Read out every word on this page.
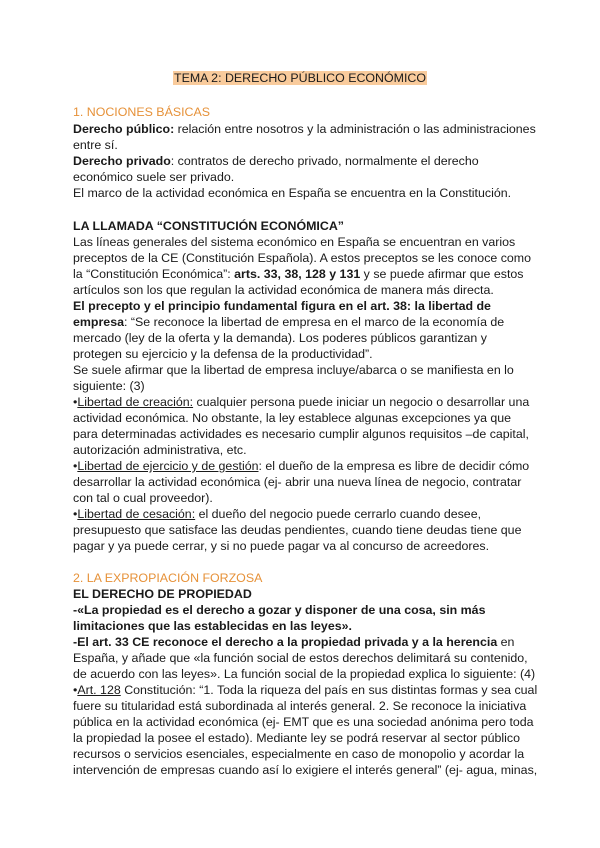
TEMA 2: DERECHO PÚBLICO ECONÓMICO
1. NOCIONES BÁSICAS
Derecho público: relación entre nosotros y la administración o las administraciones
entre sí.
Derecho privado: contratos de derecho privado, normalmente el derecho
económico suele ser privado.
El marco de la actividad económica en España se encuentra en la Constitución.
LA LLAMADA “CONSTITUCIÓN ECONÓMICA”
Las líneas generales del sistema económico en España se encuentran en varios
preceptos de la CE (Constitución Española). A estos preceptos se les conoce como
la “Constitución Económica”: arts. 33, 38, 128 y 131 y se puede afirmar que estos
artículos son los que regulan la actividad económica de manera más directa.
El precepto y el principio fundamental figura en el art. 38: la libertad de
empresa: “Se reconoce la libertad de empresa en el marco de la economía de
mercado (ley de la oferta y la demanda). Los poderes públicos garantizan y
protegen su ejercicio y la defensa de la productividad”.
Se suele afirmar que la libertad de empresa incluye/abarca o se manifiesta en lo
siguiente: (3)
•Libertad de creación: cualquier persona puede iniciar un negocio o desarrollar una
actividad económica. No obstante, la ley establece algunas excepciones ya que
para determinadas actividades es necesario cumplir algunos requisitos –de capital,
autorización administrativa, etc.
•Libertad de ejercicio y de gestión: el dueño de la empresa es libre de decidir cómo
desarrollar la actividad económica (ej- abrir una nueva línea de negocio, contratar
con tal o cual proveedor).
•Libertad de cesación: el dueño del negocio puede cerrarlo cuando desee,
presupuesto que satisface las deudas pendientes, cuando tiene deudas tiene que
pagar y ya puede cerrar, y si no puede pagar va al concurso de acreedores.
2. LA EXPROPIACIÓN FORZOSA
EL DERECHO DE PROPIEDAD
-«La propiedad es el derecho a gozar y disponer de una cosa, sin más
limitaciones que las establecidas en las leyes».
-El art. 33 CE reconoce el derecho a la propiedad privada y a la herencia en
España, y añade que «la función social de estos derechos delimitará su contenido,
de acuerdo con las leyes». La función social de la propiedad explica lo siguiente: (4)
•Art. 128 Constitución: “1. Toda la riqueza del país en sus distintas formas y sea cual
fuere su titularidad está subordinada al interés general. 2. Se reconoce la iniciativa
pública en la actividad económica (ej- EMT que es una sociedad anónima pero toda
la propiedad la posee el estado). Mediante ley se podrá reservar al sector público
recursos o servicios esenciales, especialmente en caso de monopolio y acordar la
intervención de empresas cuando así lo exigiere el interés general” (ej- agua, minas,
